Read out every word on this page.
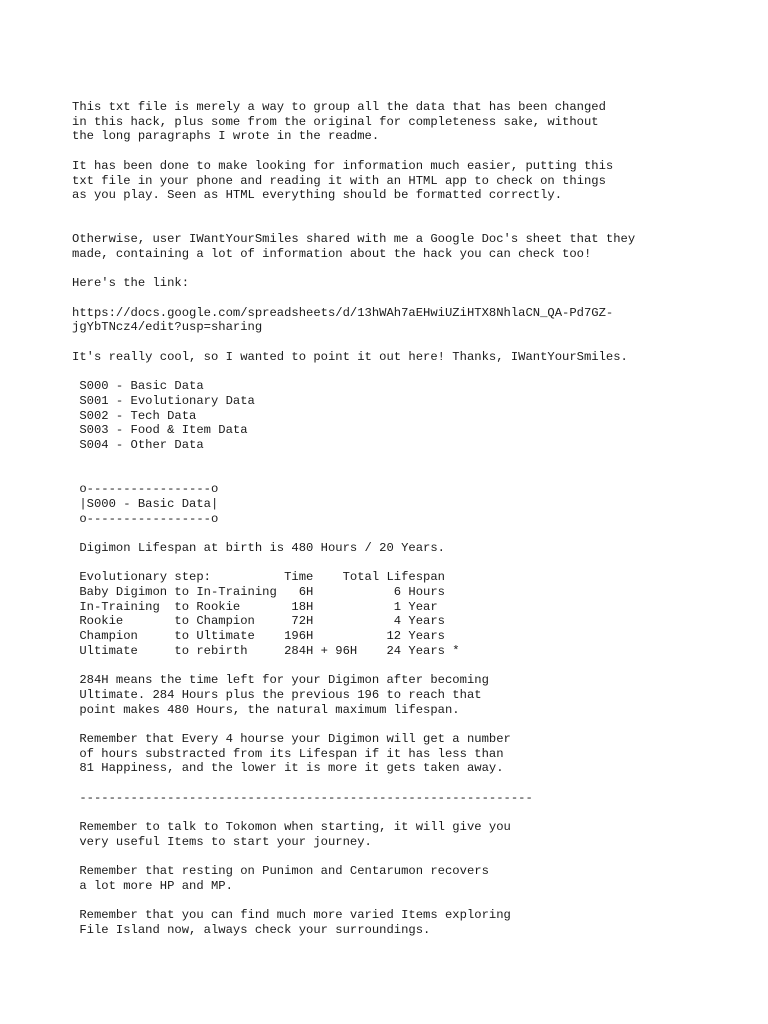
This txt file is merely a way to group all the data that has been changed
in this hack, plus some from the original for completeness sake, without
the long paragraphs I wrote in the readme.

It has been done to make looking for information much easier, putting this
txt file in your phone and reading it with an HTML app to check on things
as you play. Seen as HTML everything should be formatted correctly.

Otherwise, user IWantYourSmiles shared with me a Google Doc's sheet that they
made, containing a lot of information about the hack you can check too!

Here's the link:

https://docs.google.com/spreadsheets/d/13hWAh7aEHwiUZiHTX8NhlaCN_QA-Pd7GZ-
jgYbTNcz4/edit?usp=sharing

It's really cool, so I wanted to point it out here! Thanks, IWantYourSmiles.

S000 - Basic Data
S001 - Evolutionary Data
S002 - Tech Data
S003 - Food & Item Data
S004 - Other Data

o-----------------o
|S000 - Basic Data|
o-----------------o

Digimon Lifespan at birth is 480 Hours / 20 Years.

Evolutionary step:          Time    Total Lifespan
Baby Digimon to In-Training   6H           6 Hours
In-Training  to Rookie       18H           1 Year
Rookie       to Champion     72H           4 Years
Champion     to Ultimate    196H          12 Years
Ultimate     to rebirth     284H + 96H    24 Years *

284H means the time left for your Digimon after becoming
Ultimate. 284 Hours plus the previous 196 to reach that
point makes 480 Hours, the natural maximum lifespan.

Remember that Every 4 hourse your Digimon will get a number
of hours substracted from its Lifespan if it has less than
81 Happiness, and the lower it is more it gets taken away.

--------------------------------------------------------------

Remember to talk to Tokomon when starting, it will give you
very useful Items to start your journey.

Remember that resting on Punimon and Centarumon recovers
a lot more HP and MP.

Remember that you can find much more varied Items exploring
File Island now, always check your surroundings.
